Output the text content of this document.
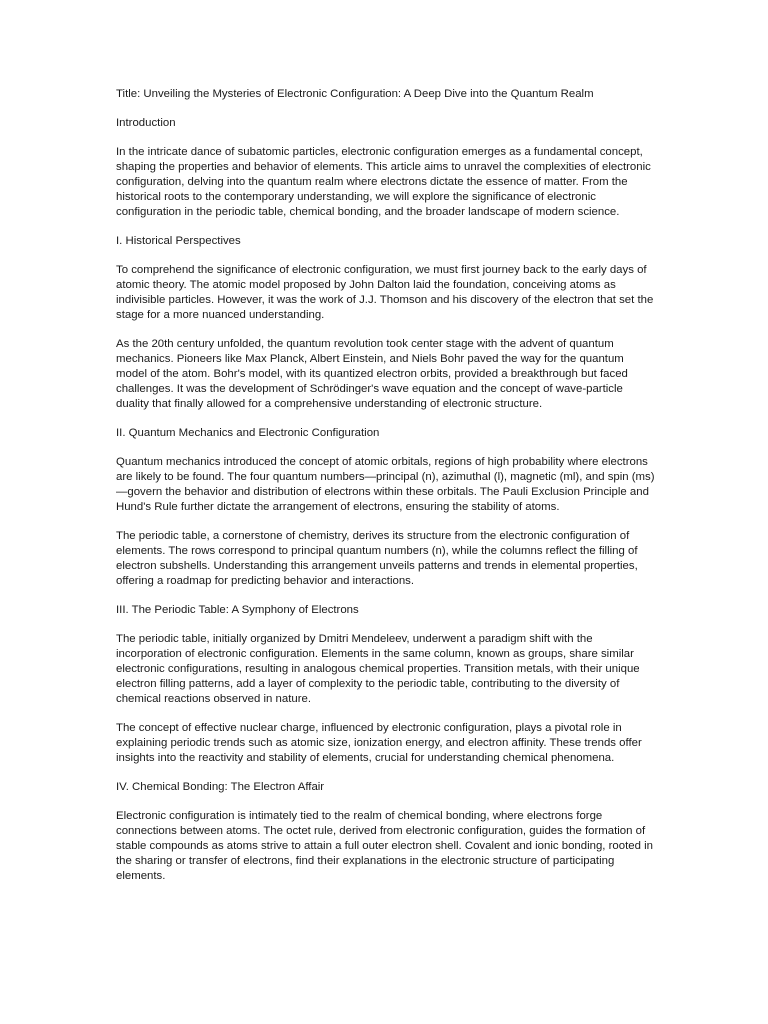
Title: Unveiling the Mysteries of Electronic Configuration: A Deep Dive into the Quantum Realm

Introduction

In the intricate dance of subatomic particles, electronic configuration emerges as a fundamental concept, shaping the properties and behavior of elements. This article aims to unravel the complexities of electronic configuration, delving into the quantum realm where electrons dictate the essence of matter. From the historical roots to the contemporary understanding, we will explore the significance of electronic configuration in the periodic table, chemical bonding, and the broader landscape of modern science.

I. Historical Perspectives

To comprehend the significance of electronic configuration, we must first journey back to the early days of atomic theory. The atomic model proposed by John Dalton laid the foundation, conceiving atoms as indivisible particles. However, it was the work of J.J. Thomson and his discovery of the electron that set the stage for a more nuanced understanding.

As the 20th century unfolded, the quantum revolution took center stage with the advent of quantum mechanics. Pioneers like Max Planck, Albert Einstein, and Niels Bohr paved the way for the quantum model of the atom. Bohr's model, with its quantized electron orbits, provided a breakthrough but faced challenges. It was the development of Schrödinger's wave equation and the concept of wave-particle duality that finally allowed for a comprehensive understanding of electronic structure.

II. Quantum Mechanics and Electronic Configuration

Quantum mechanics introduced the concept of atomic orbitals, regions of high probability where electrons are likely to be found. The four quantum numbers—principal (n), azimuthal (l), magnetic (ml), and spin (ms)—govern the behavior and distribution of electrons within these orbitals. The Pauli Exclusion Principle and Hund's Rule further dictate the arrangement of electrons, ensuring the stability of atoms.

The periodic table, a cornerstone of chemistry, derives its structure from the electronic configuration of elements. The rows correspond to principal quantum numbers (n), while the columns reflect the filling of electron subshells. Understanding this arrangement unveils patterns and trends in elemental properties, offering a roadmap for predicting behavior and interactions.

III. The Periodic Table: A Symphony of Electrons

The periodic table, initially organized by Dmitri Mendeleev, underwent a paradigm shift with the incorporation of electronic configuration. Elements in the same column, known as groups, share similar electronic configurations, resulting in analogous chemical properties. Transition metals, with their unique electron filling patterns, add a layer of complexity to the periodic table, contributing to the diversity of chemical reactions observed in nature.

The concept of effective nuclear charge, influenced by electronic configuration, plays a pivotal role in explaining periodic trends such as atomic size, ionization energy, and electron affinity. These trends offer insights into the reactivity and stability of elements, crucial for understanding chemical phenomena.

IV. Chemical Bonding: The Electron Affair

Electronic configuration is intimately tied to the realm of chemical bonding, where electrons forge connections between atoms. The octet rule, derived from electronic configuration, guides the formation of stable compounds as atoms strive to attain a full outer electron shell. Covalent and ionic bonding, rooted in the sharing or transfer of electrons, find their explanations in the electronic structure of participating elements.
